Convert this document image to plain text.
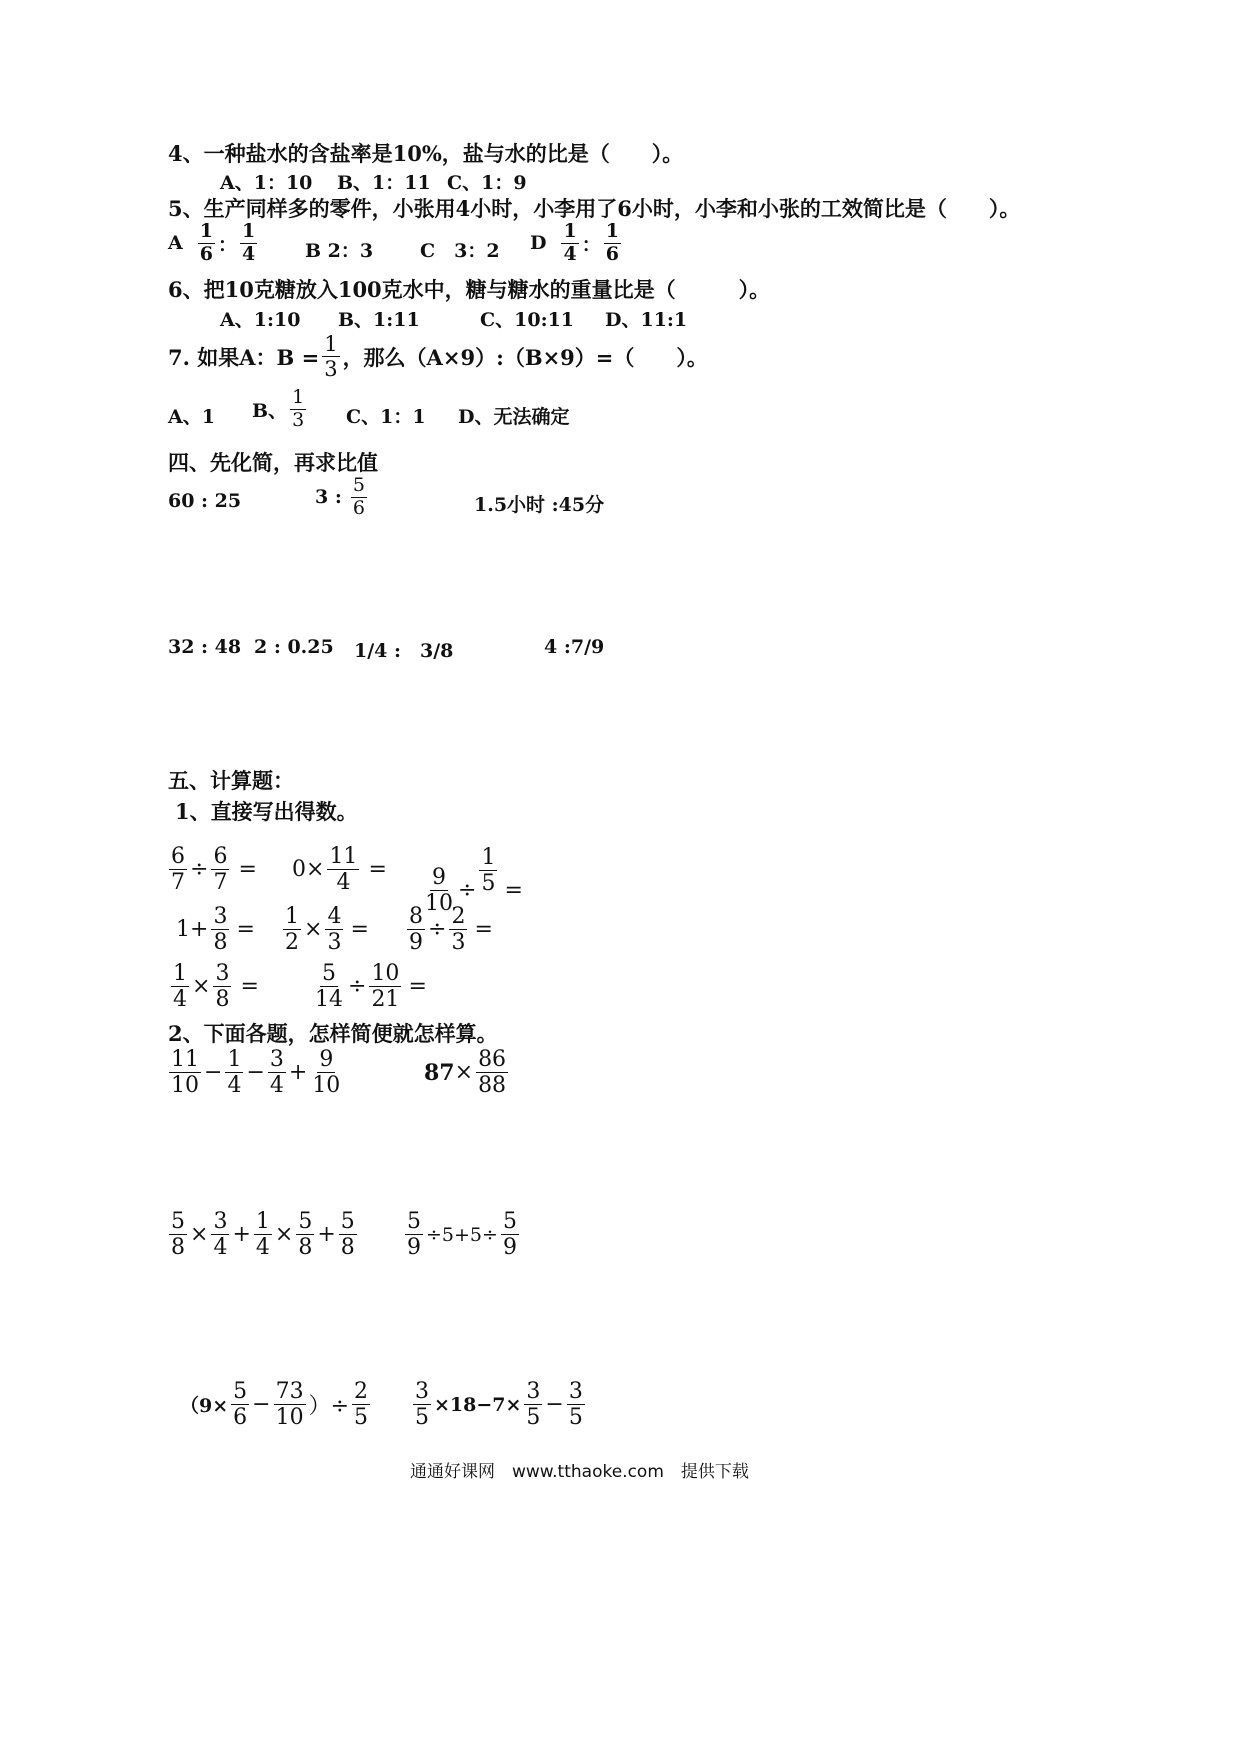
4、一种盐水的含盐率是10%，盐与水的比是（　　）。
A、1：10 B、1：11 C、1：9
5、生产同样多的零件，小张用4小时，小李用了6小时，小李和小张的工效简比是（　　）。
A $\frac{1}{6}$ ： $\frac{1}{4}$	B 2：3 C　3：2 D $\frac{1}{4}$ ： $\frac{1}{6}$
6、把10克糖放入100克水中，糖与糖水的重量比是（　　　）。
A、1:10 B、1:11	C、10:11 D、11:1
7. 如果A：$B = \frac{1}{3}$ ，那么（A×9）:（B×9）=（　　）。
A、1 B、 $\frac{1}{3}$ C、1：1 D、无法确定
四、先化简，再求比值
60 : 25	3 : $\frac{5}{6}$	1.5小时 :45分
32 : 48 2 : 0.25 1/4 :　3/8	4 :7/9
五、计算题：
1、直接写出得数。
$\frac{6}{7} \div \frac{6}{7} = 0 \times \frac{11}{4} = \frac{9}{10} \div \frac{1}{5}$ =
$1 + \frac{3}{8} = \frac{1}{2} \times \frac{4}{3} = \frac{8}{9} \div \frac{2}{3}$ =
$\frac{1}{4} \times \frac{3}{8} = \frac{5}{14} \div \frac{10}{21}$ =
2、下面各题，怎样简便就怎样算。
$\frac{11}{10} - \frac{1}{4} - \frac{3}{4} + \frac{9}{10}$	$87 \times \frac{86}{88}$
$\frac{5}{8} \times \frac{3}{4} + \frac{1}{4} \times \frac{5}{8} + \frac{5}{8} \frac{5}{9} \div 5+5\div \frac{5}{9}$
（$9\times \frac{5}{6} - \frac{73}{10}$ ）÷ $\frac{2}{5} \frac{3}{5} \times 18-7\times \frac{3}{5} - \frac{3}{5}$
通通好课网　www.tthaoke.com　提供下载
